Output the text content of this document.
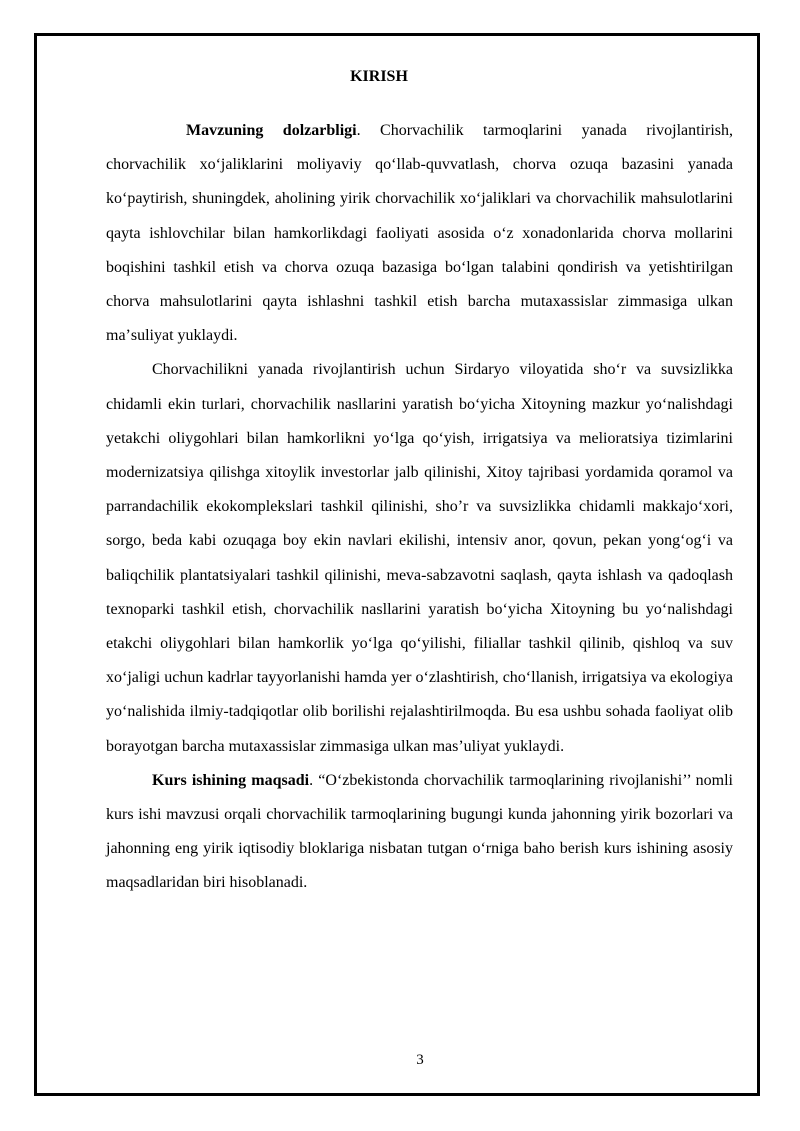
KIRISH

Mavzuning dolzarbligi. Chorvachilik tarmoqlarini yanada rivojlantirish, chorvachilik xoʻjaliklarini moliyaviy qoʻllab-quvvatlash, chorva ozuqa bazasini yanada koʻpaytirish, shuningdek, aholining yirik chorvachilik xoʻjaliklari va chorvachilik mahsulotlarini qayta ishlovchilar bilan hamkorlikdagi faoliyati asosida oʻz xonadonlarida chorva mollarini boqishini tashkil etish va chorva ozuqa bazasiga boʻlgan talabini qondirish va yetishtirilgan chorva mahsulotlarini qayta ishlashni tashkil etish barcha mutaxassislar zimmasiga ulkan maʼsuliyat yuklaydi.

Chorvachilikni yanada rivojlantirish uchun Sirdaryo viloyatida shoʻr va suvsizlikka chidamli ekin turlari, chorvachilik nasllarini yaratish boʻyicha Xitoyning mazkur yoʻnalishdagi yetakchi oliygohlari bilan hamkorlikni yoʻlga qoʻyish, irrigatsiya va melioratsiya tizimlarini modernizatsiya qilishga xitoylik investorlar jalb qilinishi, Xitoy tajribasi yordamida qoramol va parrandachilik ekokomplekslari tashkil qilinishi, sho’r va suvsizlikka chidamli makkajoʻxori, sorgo, beda kabi ozuqaga boy ekin navlari ekilishi, intensiv anor, qovun, pekan yongʻogʻi va baliqchilik plantatsiyalari tashkil qilinishi, meva-sabzavotni saqlash, qayta ishlash va qadoqlash texnoparki tashkil etish, chorvachilik nasllarini yaratish boʻyicha Xitoyning bu yoʻnalishdagi etakchi oliygohlari bilan hamkorlik yoʻlga qoʻyilishi, filiallar tashkil qilinib, qishloq va suv xoʻjaligi uchun kadrlar tayyorlanishi hamda yer oʻzlashtirish, choʻllanish, irrigatsiya va ekologiya yoʻnalishida ilmiy-tadqiqotlar olib borilishi rejalashtirilmoqda. Bu esa ushbu sohada faoliyat olib borayotgan barcha mutaxassislar zimmasiga ulkan mas’uliyat yuklaydi.

Kurs ishining maqsadi. “Oʻzbekistonda chorvachilik tarmoqlarining rivojlanishi’’ nomli kurs ishi mavzusi orqali chorvachilik tarmoqlarining bugungi kunda jahonning yirik bozorlari va jahonning eng yirik iqtisodiy bloklariga nisbatan tutgan oʻrniga baho berish kurs ishining asosiy maqsadlaridan biri hisoblanadi.

3
